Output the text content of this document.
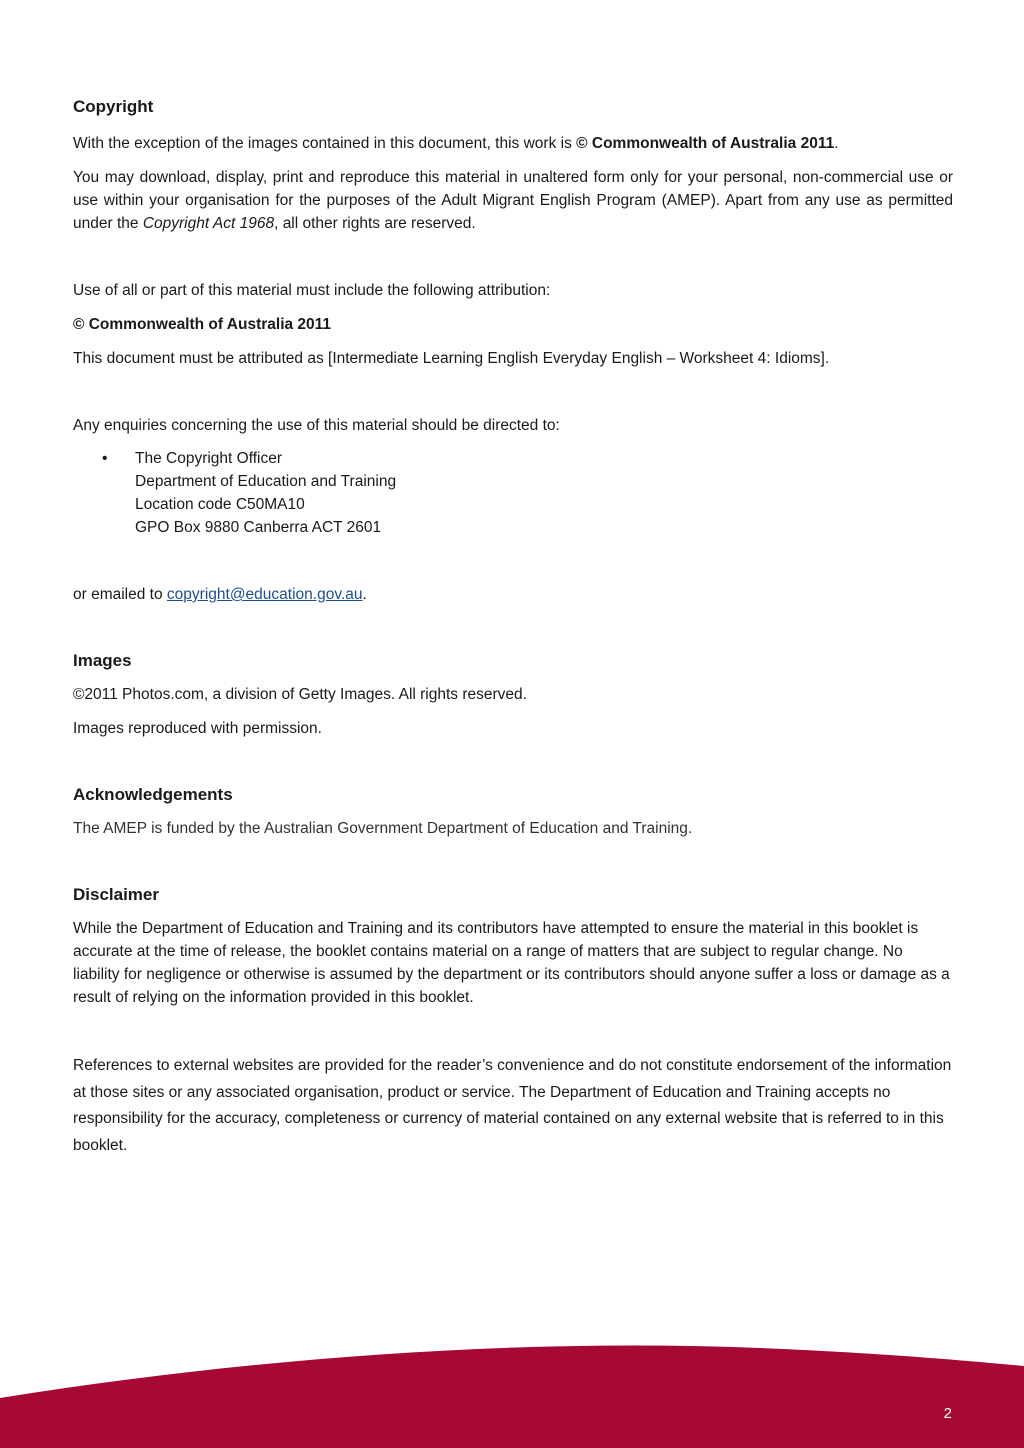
Copyright

With the exception of the images contained in this document, this work is © Commonwealth of Australia 2011.

You may download, display, print and reproduce this material in unaltered form only for your personal, non-commercial use or use within your organisation for the purposes of the Adult Migrant English Program (AMEP). Apart from any use as permitted under the Copyright Act 1968, all other rights are reserved.

Use of all or part of this material must include the following attribution:

© Commonwealth of Australia 2011

This document must be attributed as [Intermediate Learning English Everyday English – Worksheet 4: Idioms].

Any enquiries concerning the use of this material should be directed to:

• The Copyright Officer

Department of Education and Training

Location code C50MA10

GPO Box 9880 Canberra ACT 2601

or emailed to copyright@education.gov.au.

Images

©2011 Photos.com, a division of Getty Images. All rights reserved.

Images reproduced with permission.

Acknowledgements

The AMEP is funded by the Australian Government Department of Education and Training.

Disclaimer

While the Department of Education and Training and its contributors have attempted to ensure the material in this booklet is accurate at the time of release, the booklet contains material on a range of matters that are subject to regular change. No liability for negligence or otherwise is assumed by the department or its contributors should anyone suffer a loss or damage as a result of relying on the information provided in this booklet.

References to external websites are provided for the reader’s convenience and do not constitute endorsement of the information at those sites or any associated organisation, product or service. The Department of Education and Training accepts no responsibility for the accuracy, completeness or currency of material contained on any external website that is referred to in this booklet.

2
